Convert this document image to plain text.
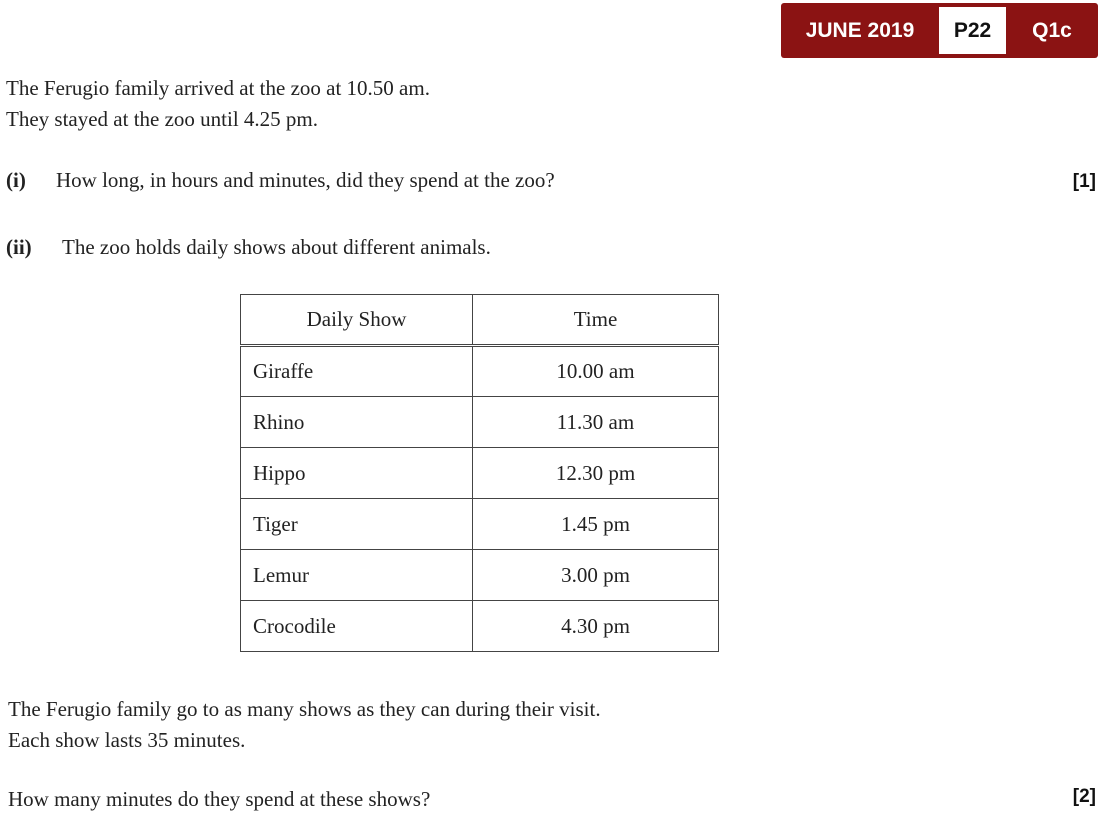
JUNE 2019	P22	Q1c
The Ferugio family arrived at the zoo at 10.50 am.
They stayed at the zoo until 4.25 pm.
(i) How long, in hours and minutes, did they spend at the zoo?	[1]
(ii) The zoo holds daily shows about different animals.
Daily Show	Time
Giraffe	10.00 am
Rhino	11.30 am
Hippo	12.30 pm
Tiger	1.45 pm
Lemur	3.00 pm
Crocodile	4.30 pm
The Ferugio family go to as many shows as they can during their visit.
Each show lasts 35 minutes.
How many minutes do they spend at these shows?	[2]
